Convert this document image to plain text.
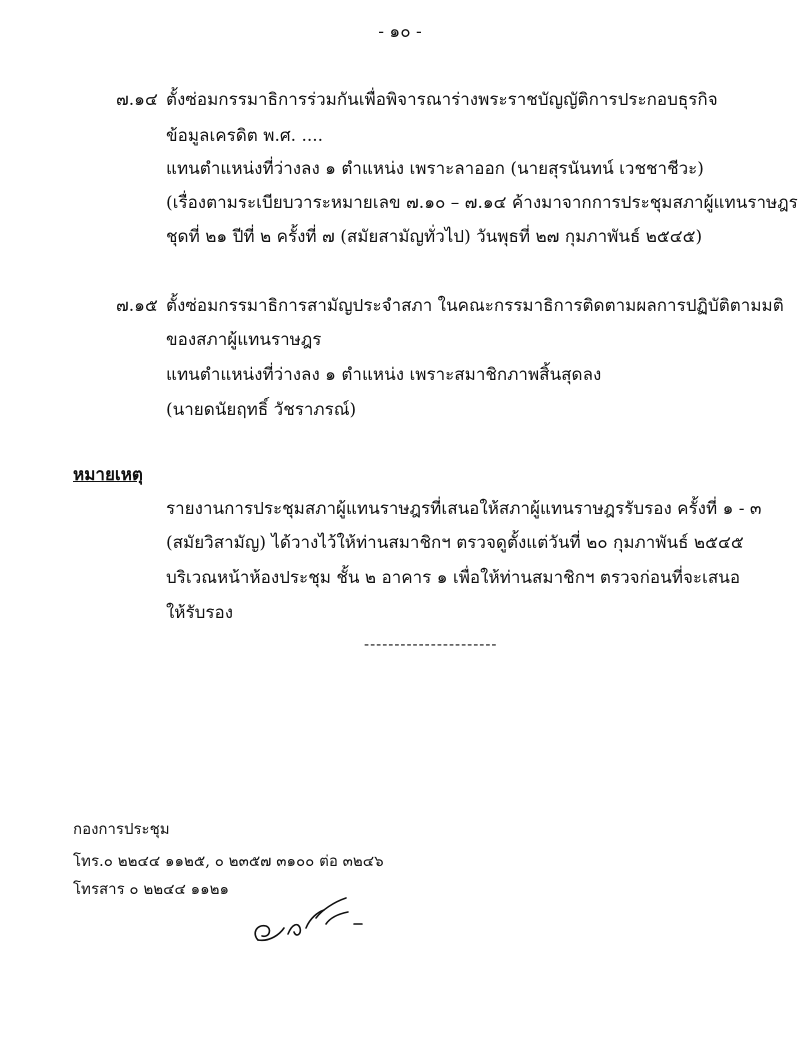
- ๑๐ -
๗.๑๔ ตั้งซ่อมกรรมาธิการร่วมกันเพื่อพิจารณาร่างพระราชบัญญัติการประกอบธุรกิจ
ข้อมูลเครดิต พ.ศ. ....
แทนตำแหน่งที่ว่างลง ๑ ตำแหน่ง เพราะลาออก (นายสุรนันทน์ เวชชาชีวะ)
(เรื่องตามระเบียบวาระหมายเลข ๗.๑๐ – ๗.๑๔ ค้างมาจากการประชุมสภาผู้แทนราษฎร
ชุดที่ ๒๑ ปีที่ ๒ ครั้งที่ ๗ (สมัยสามัญทั่วไป) วันพุธที่ ๒๗ กุมภาพันธ์ ๒๕๔๕)
๗.๑๕ ตั้งซ่อมกรรมาธิการสามัญประจำสภา ในคณะกรรมาธิการติดตามผลการปฏิบัติตามมติ
ของสภาผู้แทนราษฎร
แทนตำแหน่งที่ว่างลง ๑ ตำแหน่ง เพราะสมาชิกภาพสิ้นสุดลง
(นายดนัยฤทธิ์ วัชราภรณ์)
หมายเหตุ
รายงานการประชุมสภาผู้แทนราษฎรที่เสนอให้สภาผู้แทนราษฎรรับรอง ครั้งที่ ๑ - ๓
(สมัยวิสามัญ) ได้วางไว้ให้ท่านสมาชิกฯ ตรวจดูตั้งแต่วันที่ ๒๐ กุมภาพันธ์ ๒๕๔๕
บริเวณหน้าห้องประชุม ชั้น ๒ อาคาร ๑ เพื่อให้ท่านสมาชิกฯ ตรวจก่อนที่จะเสนอ
ให้รับรอง
----------------------
กองการประชุม
โทร.๐ ๒๒๔๔ ๑๑๒๕, ๐ ๒๓๕๗ ๓๑๐๐ ต่อ ๓๒๔๖
โทรสาร ๐ ๒๒๔๔ ๑๑๒๑
